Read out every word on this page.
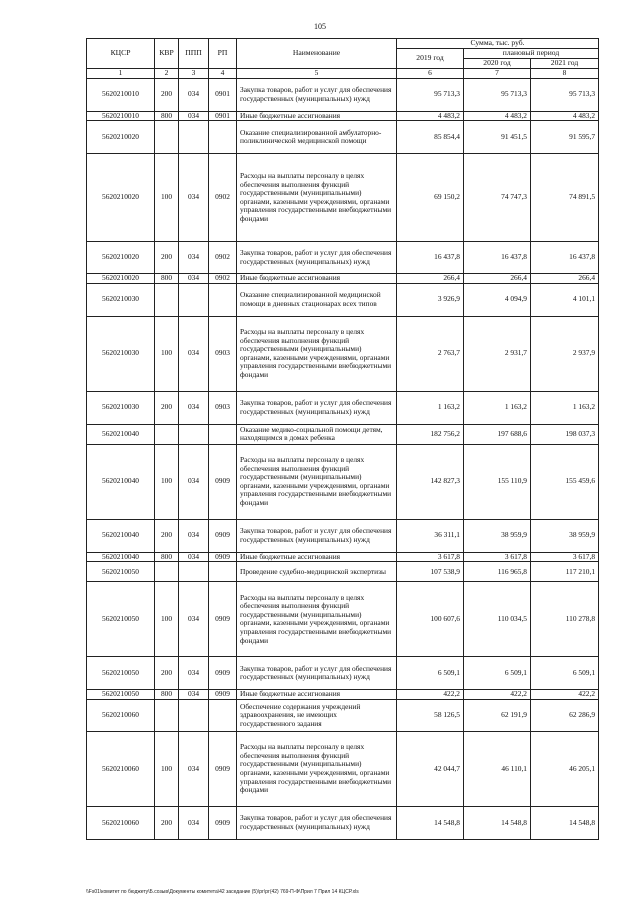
105
КЦСР	КВР	ППП	РП	Наименование	Сумма, тыс. руб.		
					2019 год	плановый период	
						2020 год	2021 год
1	2	3	4	5	6	7	8
5620210010	200	034	0901	Закупка товаров, работ и услуг для обеспечения государственных (муниципальных) нужд	95 713,3	95 713,3	95 713,3
5620210010	800	034	0901	Иные бюджетные ассигнования	4 483,2	4 483,2	4 483,2
5620210020				Оказание специализированной амбулаторно-поликлинической медицинской помощи	85 854,4	91 451,5	91 595,7
5620210020	100	034	0902	Расходы на выплаты персоналу в целях обеспечения выполнения функций государственными (муниципальными) органами, казенными учреждениями, органами управления государственными внебюджетными фондами	69 150,2	74 747,3	74 891,5
5620210020	200	034	0902	Закупка товаров, работ и услуг для обеспечения государственных (муниципальных) нужд	16 437,8	16 437,8	16 437,8
5620210020	800	034	0902	Иные бюджетные ассигнования	266,4	266,4	266,4
5620210030				Оказание специализированной медицинской помощи в дневных стационарах всех типов	3 926,9	4 094,9	4 101,1
5620210030	100	034	0903	Расходы на выплаты персоналу в целях обеспечения выполнения функций государственными (муниципальными) органами, казенными учреждениями, органами управления государственными внебюджетными фондами	2 763,7	2 931,7	2 937,9
5620210030	200	034	0903	Закупка товаров, работ и услуг для обеспечения государственных (муниципальных) нужд	1 163,2	1 163,2	1 163,2
5620210040				Оказание медико-социальной помощи детям, находящимся в домах ребенка	182 756,2	197 688,6	198 037,3
5620210040	100	034	0909	Расходы на выплаты персоналу в целях обеспечения выполнения функций государственными (муниципальными) органами, казенными учреждениями, органами управления государственными внебюджетными фондами	142 827,3	155 110,9	155 459,6
5620210040	200	034	0909	Закупка товаров, работ и услуг для обеспечения государственных (муниципальных) нужд	36 311,1	38 959,9	38 959,9
5620210040	800	034	0909	Иные бюджетные ассигнования	3 617,8	3 617,8	3 617,8
5620210050				Проведение судебно-медицинской экспертизы	107 538,9	116 965,8	117 210,1
5620210050	100	034	0909	Расходы на выплаты персоналу в целях обеспечения выполнения функций государственными (муниципальными) органами, казенными учреждениями, органами управления государственными внебюджетными фондами	100 607,6	110 034,5	110 278,8
5620210050	200	034	0909	Закупка товаров, работ и услуг для обеспечения государственных (муниципальных) нужд	6 509,1	6 509,1	6 509,1
5620210050	800	034	0909	Иные бюджетные ассигнования	422,2	422,2	422,2
5620210060				Обеспечение содержания учреждений здравоохранения, не имеющих государственного задания	58 126,5	62 191,9	62 286,9
5620210060	100	034	0909	Расходы на выплаты персоналу в целях обеспечения выполнения функций государственными (муниципальными) органами, казенными учреждениями, органами управления государственными внебюджетными фондами	42 044,7	46 110,1	46 205,1
5620210060	200	034	0909	Закупка товаров, работ и услуг для обеспечения государственных (муниципальных) нужд	14 548,8	14 548,8	14 548,8
\\Fs01\комитет по бюджету\Б.созыв\Документы комитета\42 заседание (5)\рг\рг(42) 769-П-Ф\Прил 7 Прил 14 КЦСР.xls
